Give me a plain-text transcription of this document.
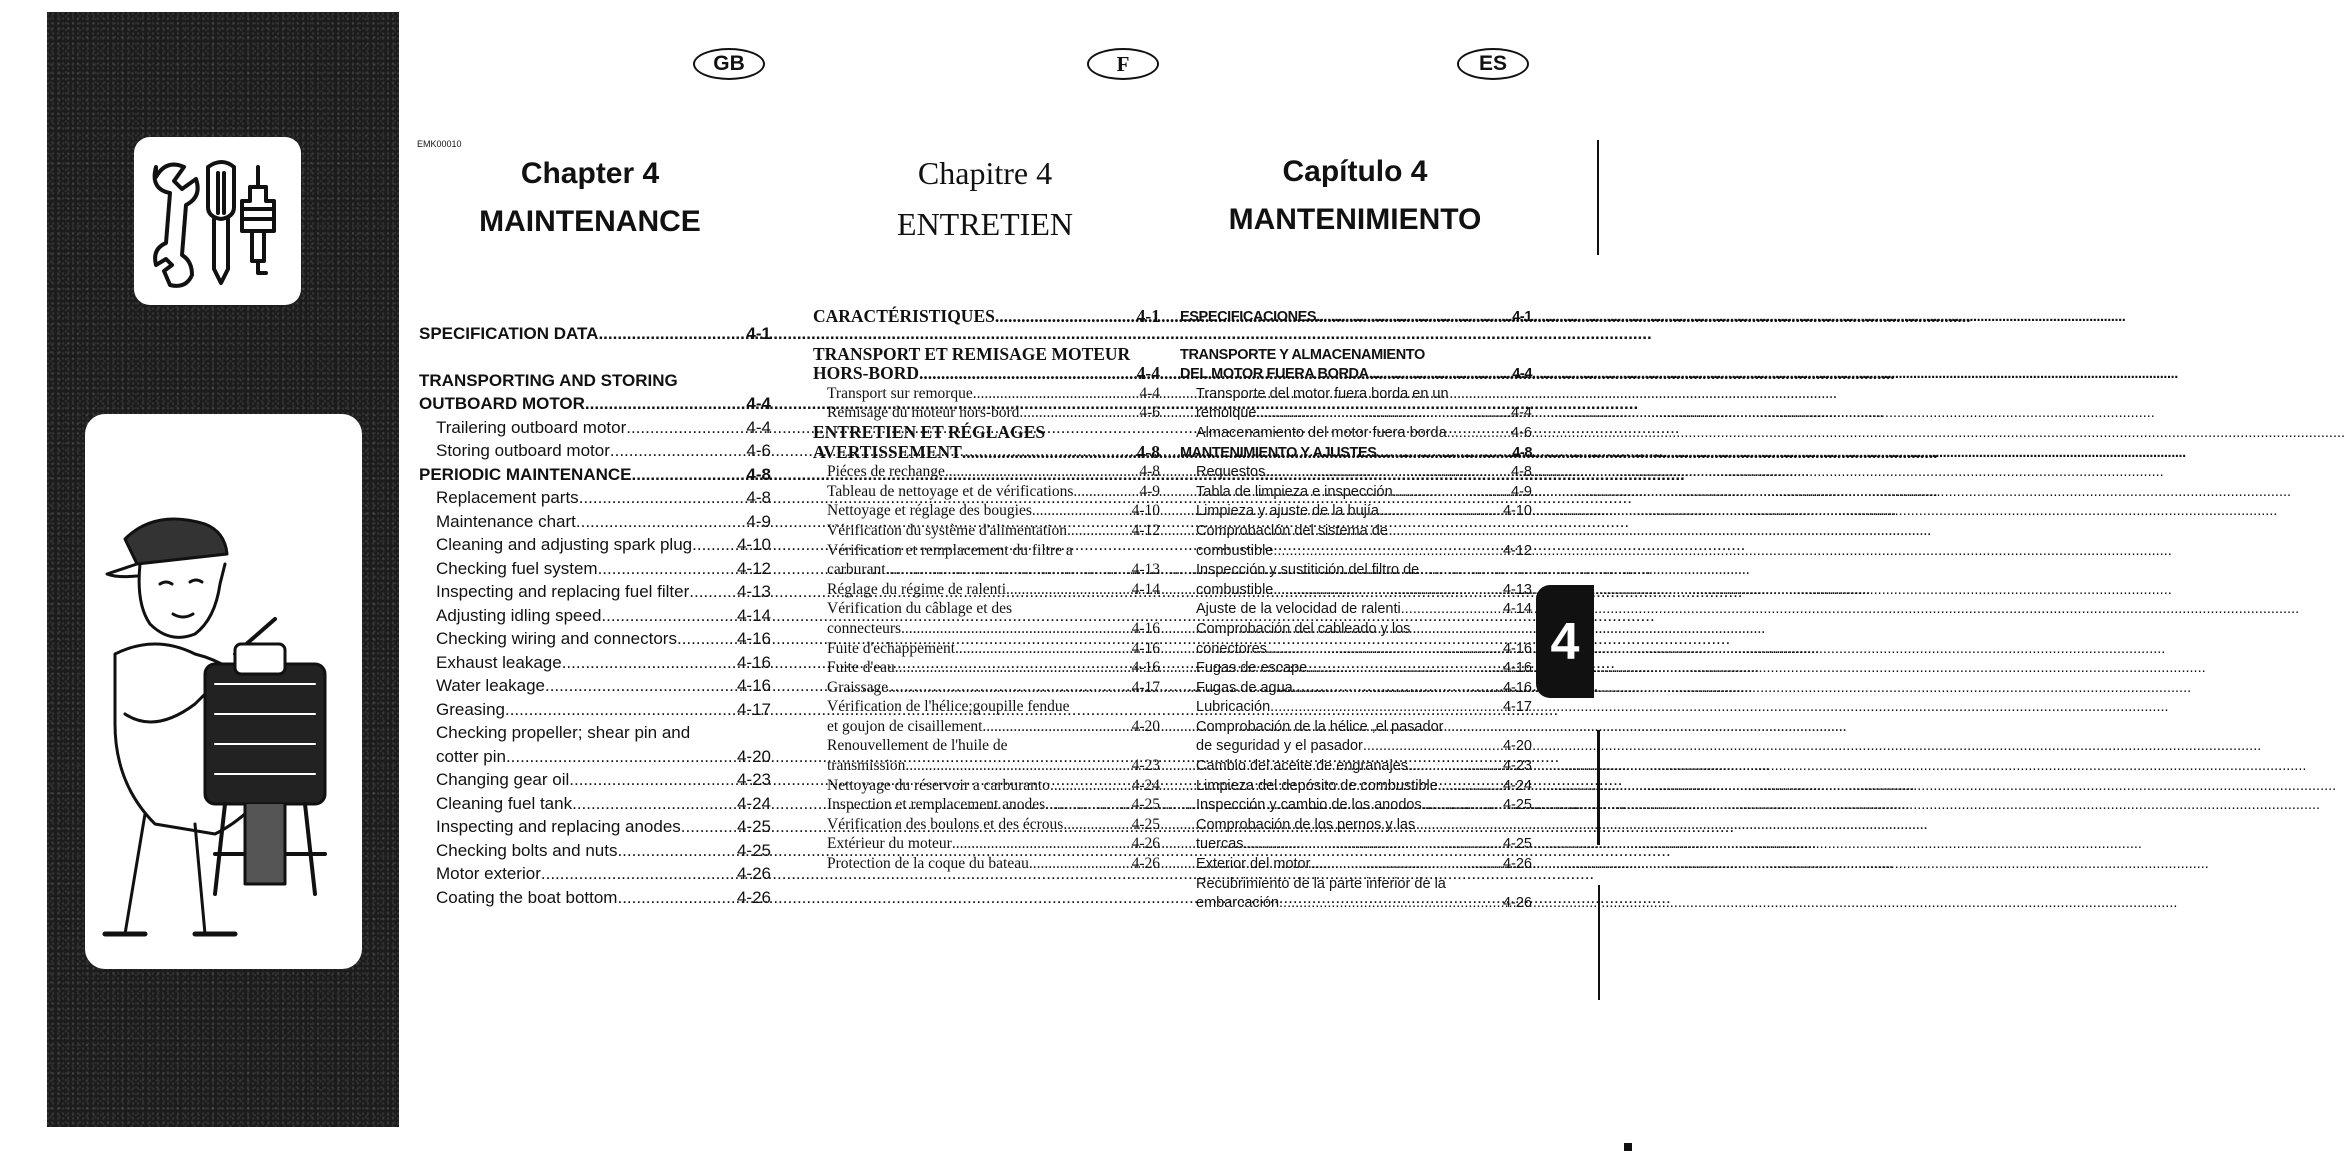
GB	F	ES
EMK00010
Chapter 4
MAINTENANCE
Chapitre 4
ENTRETIEN
Capítulo 4
MANTENIMIENTO
SPECIFICATION DATA .....	4-1
TRANSPORTING AND STORING
OUTBOARD MOTOR .....	4-4
Trailering outboard motor .....	4-4
Storing outboard motor .....	4-6
PERIODIC MAINTENANCE .....	4-8
Replacement parts .....	4-8
Maintenance chart .....	4-9
Cleaning and adjusting spark plug .....	4-10
Checking fuel system .....	4-12
Inspecting and replacing fuel filter .....	4-13
Adjusting idling speed .....	4-14
Checking wiring and connectors .....	4-16
Exhaust leakage .....	4-16
Water leakage .....	4-16
Greasing .....	4-17
Checking propeller; shear pin and
cotter pin .....	4-20
Changing gear oil .....	4-23
Cleaning fuel tank .....	4-24
Inspecting and replacing anodes .....	4-25
Checking bolts and nuts .....	4-25
Motor exterior .....	4-26
Coating the boat bottom .....	4-26
CARACTÉRISTIQUES .....	4-1
TRANSPORT ET REMISAGE MOTEUR
HORS-BORD .....	4-4
Transport sur remorque .....	4-4
Remisage du moteur hors-bord .....	4-6
ENTRETIEN ET RÉGLAGES
AVERTISSEMENT .....	4-8
Piéces de rechange .....	4-8
Tableau de nettoyage et de vérifications .....	4-9
Nettoyage et réglage des bougies .....	4-10
Vérification du système d'alimentation .....	4-12
Vérification et remplacement du filtre a
carburant .....	4-13
Réglage du régime de ralenti .....	4-14
Vérification du câblage et des
connecteurs .....	4-16
Fuite d'echappement .....	4-16
Fuite d'eau .....	4-16
Graissage .....	4-17
Vérification de l'hélice;goupille fendue
et goujon de cisaillement .....	4-20
Renouvellement de l'huile de
transmission .....	4-23
Nettoyage du réservoir a carburanto .....	4-24
Inspection et remplacement anodes .....	4-25
Vérification des boulons et des écrous .....	4-25
Extérieur du moteur .....	4-26
Protection de la coque du bateau .....	4-26
ESPECIFICACIONES .....	4-1
TRANSPORTE Y ALMACENAMIENTO
DEL MOTOR FUERA BORDA .....	4-4
Transporte del motor fuera borda en un
remolque .....	4-4
Almacenamiento del motor fuera borda .....	4-6
MANTENIMIENTO Y AJUSTES .....	4-8
Requestos .....	4-8
Tabla de limpieza e inspección .....	4-9
Limpieza y ajuste de la bujía .....	4-10
Comprobación del sistema de
combustible .....	4-12
Inspección y sustitición del filtro de
combustible .....	4-13
Ajuste de la velocidad de ralenti .....	4-14
Comprobación del cableado y los
conectores .....	4-16
Fugas de escape .....	4-16
Fugas de agua .....	4-16
Lubricación .....	4-17
Comprobación de la hélice ,el pasador
de seguridad y el pasador .....	4-20
Cambio del aceite de engranajes .....	4-23
Limpieza del depósito de combustible .....	4-24
Inspección y cambio de los anodos .....	4-25
Comprobación de los pernos y las
tuercas .....	4-25
Exterior del motor .....	4-26
Recubrimiento de la parte inferior de la
embarcación .....	4-26
4
